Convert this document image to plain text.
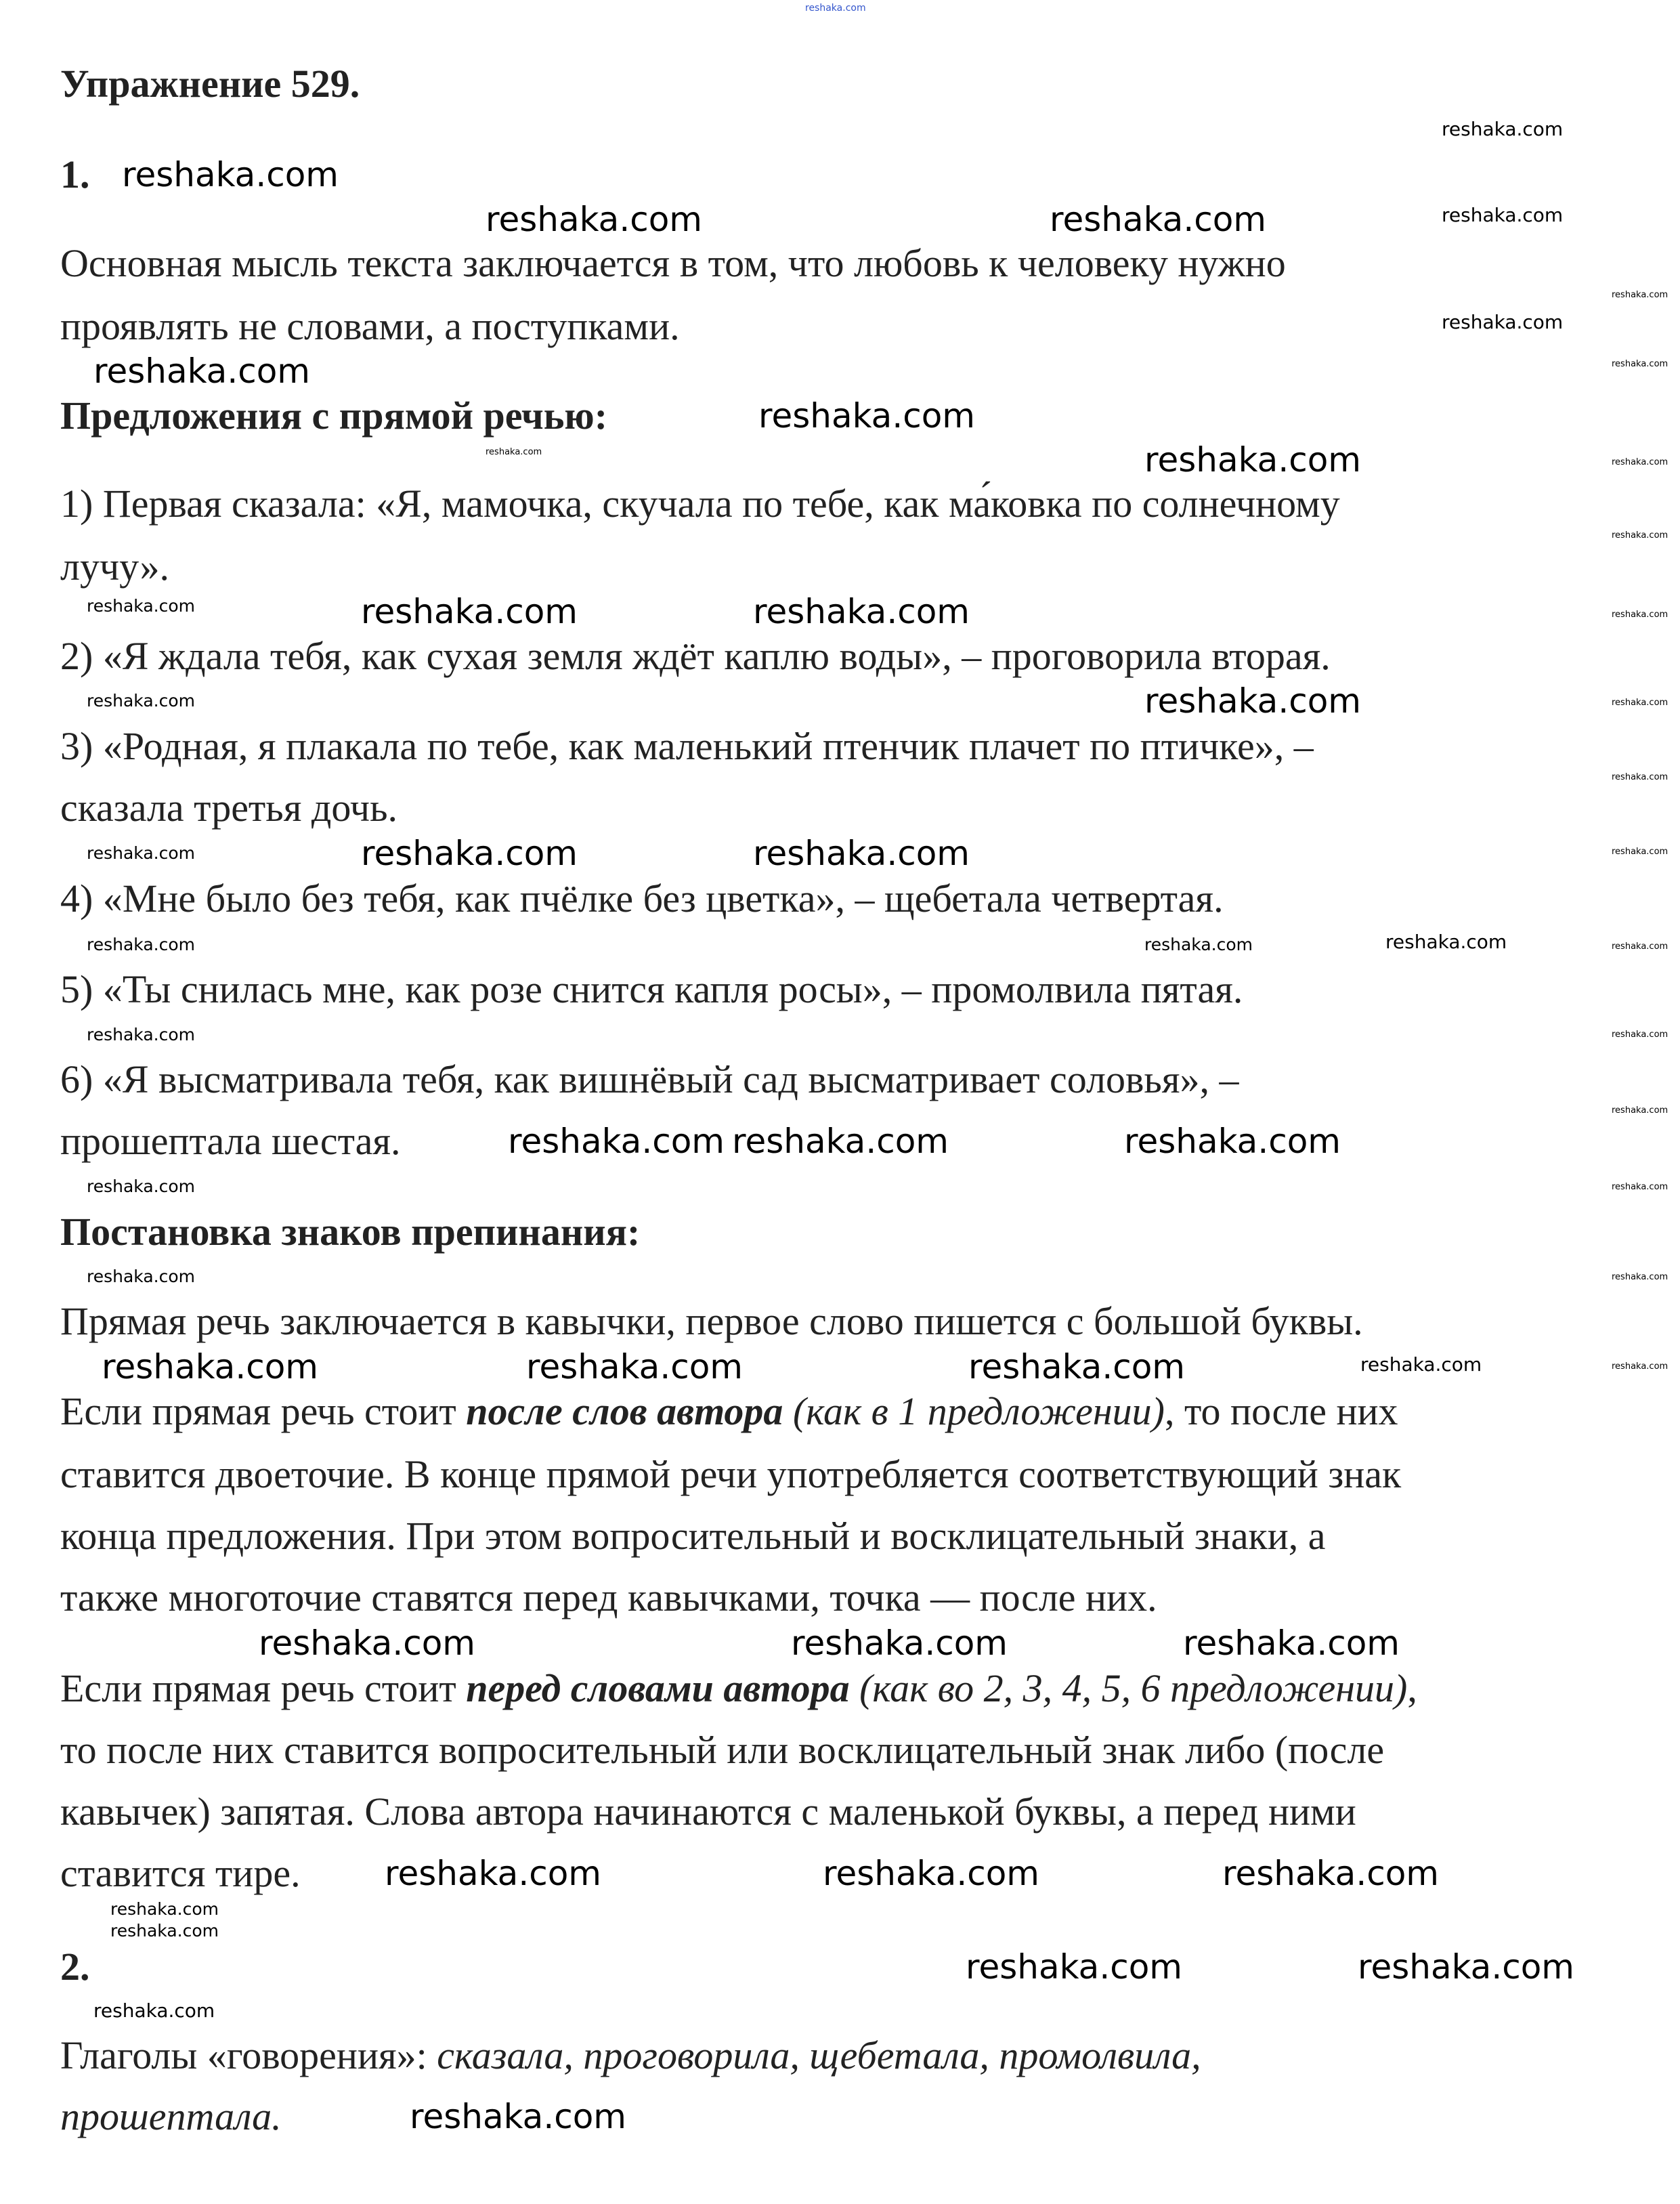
Упражнение 529.
1.
Основная мысль текста заключается в том, что любовь к человеку нужно
проявлять не словами, а поступками.
Предложения с прямой речью:
1) Первая сказала: «Я, мамочка, скучала по тебе, как ма́ковка по солнечному
лучу».
2) «Я ждала тебя, как сухая земля ждёт каплю воды», – проговорила вторая.
3) «Родная, я плакала по тебе, как маленький птенчик плачет по птичке», –
сказала третья дочь.
4) «Мне было без тебя, как пчёлке без цветка», – щебетала четвертая.
5) «Ты снилась мне, как розе снится капля росы», – промолвила пятая.
6) «Я высматривала тебя, как вишнёвый сад высматривает соловья», –
прошептала шестая.
Постановка знаков препинания:
Прямая речь заключается в кавычки, первое слово пишется с большой буквы.
Если прямая речь стоит после слов автора (как в 1 предложении), то после них
ставится двоеточие. В конце прямой речи употребляется соответствующий знак
конца предложения. При этом вопросительный и восклицательный знаки, а
также многоточие ставятся перед кавычками, точка — после них.
Если прямая речь стоит перед словами автора (как во 2, 3, 4, 5, 6 предложении),
то после них ставится вопросительный или восклицательный знак либо (после
кавычек) запятая. Слова автора начинаются с маленькой буквы, а перед ними
ставится тире.
2.
Глаголы «говорения»: сказала, проговорила, щебетала, промолвила,
прошептала.
reshaka.com
reshaka.com
reshaka.com	reshaka.com
reshaka.com
reshaka.com
reshaka.com
reshaka.com	reshaka.com
reshaka.com
reshaka.com	reshaka.com
reshaka.com reshaka.com	reshaka.com
reshaka.com	reshaka.com
reshaka.com
reshaka.com	reshaka.com	reshaka.com
reshaka.com	reshaka.com
reshaka.com
reshaka.com	reshaka.com
reshaka.com
reshaka.com
reshaka.com
reshaka.com
reshaka.com
reshaka.com
reshaka.com
reshaka.com
reshaka.com
reshaka.com
reshaka.com
reshaka.com
reshaka.com
reshaka.com
reshaka.com
reshaka.com
reshaka.com
reshaka.com
reshaka.com
reshaka.com
reshaka.com
reshaka.com
reshaka.com
reshaka.com
reshaka.com
reshaka.com
reshaka.com
reshaka.com
reshaka.com
reshaka.com
reshaka.com
reshaka.com
